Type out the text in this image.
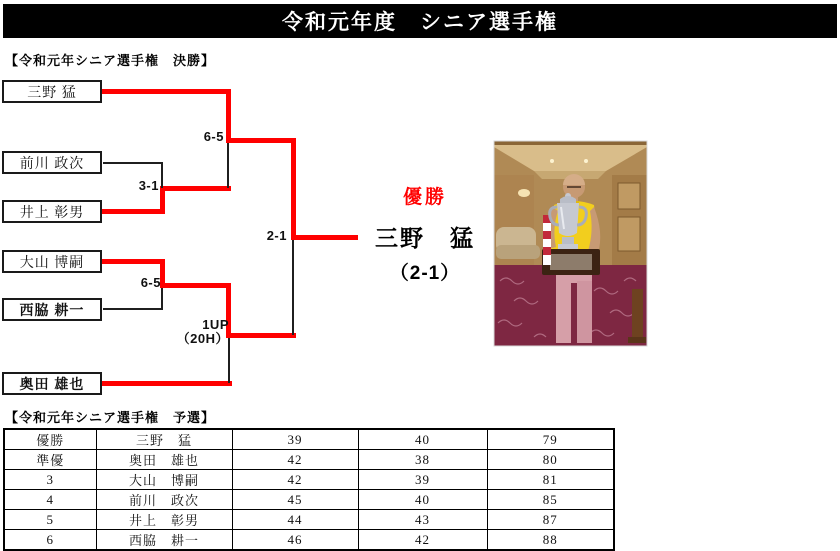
令和元年度　シニア選手権
【令和元年シニア選手権　決勝】
三野 猛
前川 政次
井上 彰男
大山 博嗣
西脇 耕一
奥田 雄也
6-5
3-1
6-5
1UP
（20H）
2-1
優勝
三野　猛
（2-1）
【令和元年シニア選手権　予選】
優勝	三野　猛	39	40	79
準優	奥田　雄也	42	38	80
3	大山　博嗣	42	39	81
4	前川　政次	45	40	85
5	井上　彰男	44	43	87
6	西脇　耕一	46	42	88
